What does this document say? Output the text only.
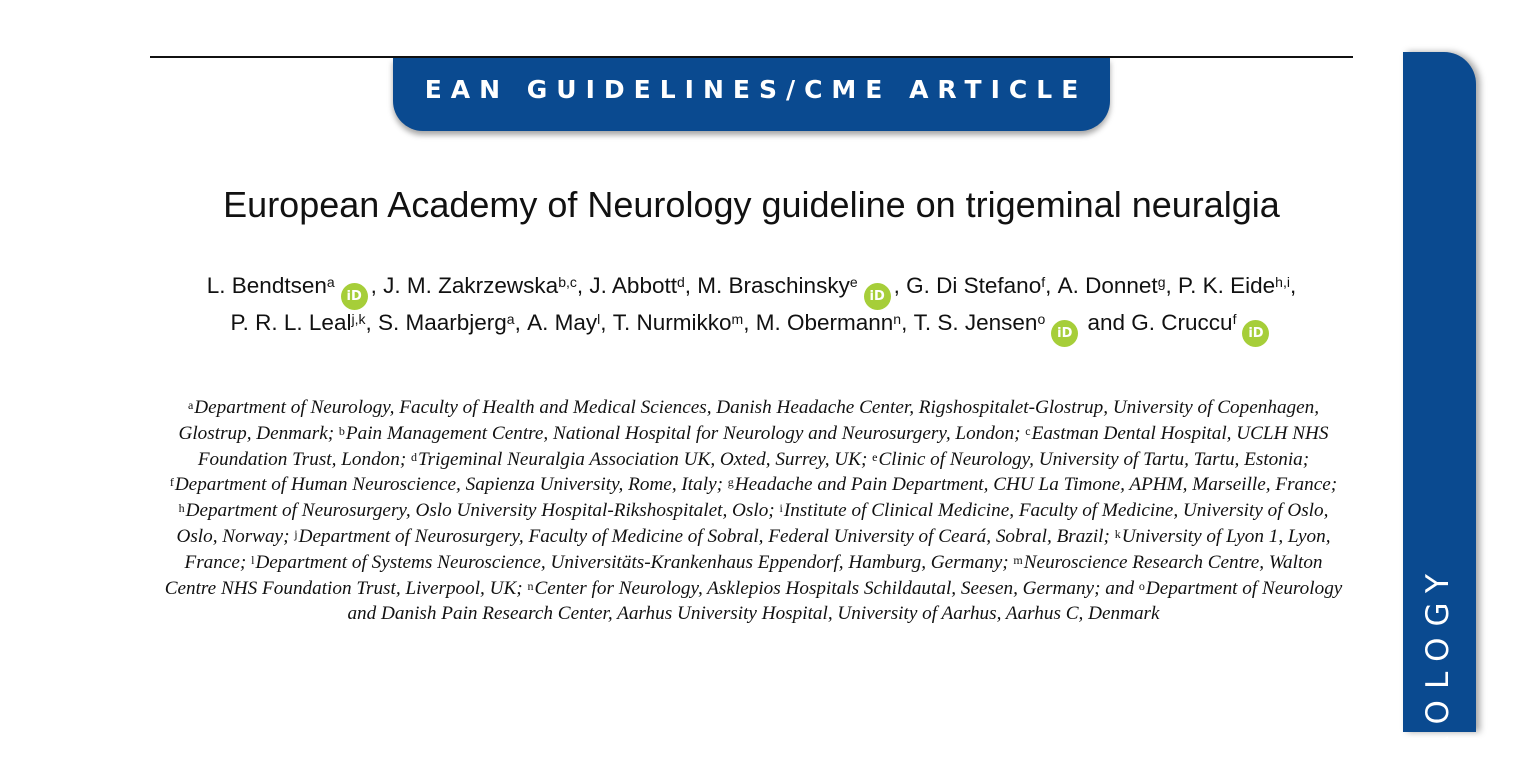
EAN GUIDELINES/CME ARTICLE
ROLOGY
European Academy of Neurology guideline on trigeminal neuralgia
L. Bendtsen$^a$iD , J. M. Zakrzewska$^{b,c}$, J. Abbott$^d$, M. Braschinsky$^e$iD , G. Di Stefano$^f$, A. Donnet$^g$, P. K. Eide$^{h,i}$, P. R. L. Leal$^{j,k}$, S. Maarbjerg$^a$, A. May$^l$, T. Nurmikko$^m$, M. Obermann$^n$, T. S. Jensen$^o$iD and G. Cruccu$^f$iD
$^a$Department of Neurology, Faculty of Health and Medical Sciences, Danish Headache Center, Rigshospitalet-Glostrup, University of Copenhagen, Glostrup, Denmark; $^b$Pain Management Centre, National Hospital for Neurology and Neurosurgery, London; $^c$Eastman Dental Hospital, UCLH NHS Foundation Trust, London; $^d$Trigeminal Neuralgia Association UK, Oxted, Surrey, UK; $^e$Clinic of Neurology, University of Tartu, Tartu, Estonia; $^f$Department of Human Neuroscience, Sapienza University, Rome, Italy; $^g$Headache and Pain Department, CHU La Timone, APHM, Marseille, France; $^h$Department of Neurosurgery, Oslo University Hospital-Rikshospitalet, Oslo; $^i$Institute of Clinical Medicine, Faculty of Medicine, University of Oslo, Oslo, Norway; $^j$Department of Neurosurgery, Faculty of Medicine of Sobral, Federal University of Ceará, Sobral, Brazil; $^k$University of Lyon 1, Lyon, France; $^l$Department of Systems Neuroscience, Universitäts-Krankenhaus Eppendorf, Hamburg, Germany; $^m$Neuroscience Research Centre, Walton Centre NHS Foundation Trust, Liverpool, UK; $^n$Center for Neurology, Asklepios Hospitals Schildautal, Seesen, Germany; and $^o$Department of Neurology and Danish Pain Research Center, Aarhus University Hospital, University of Aarhus, Aarhus C, Denmark
